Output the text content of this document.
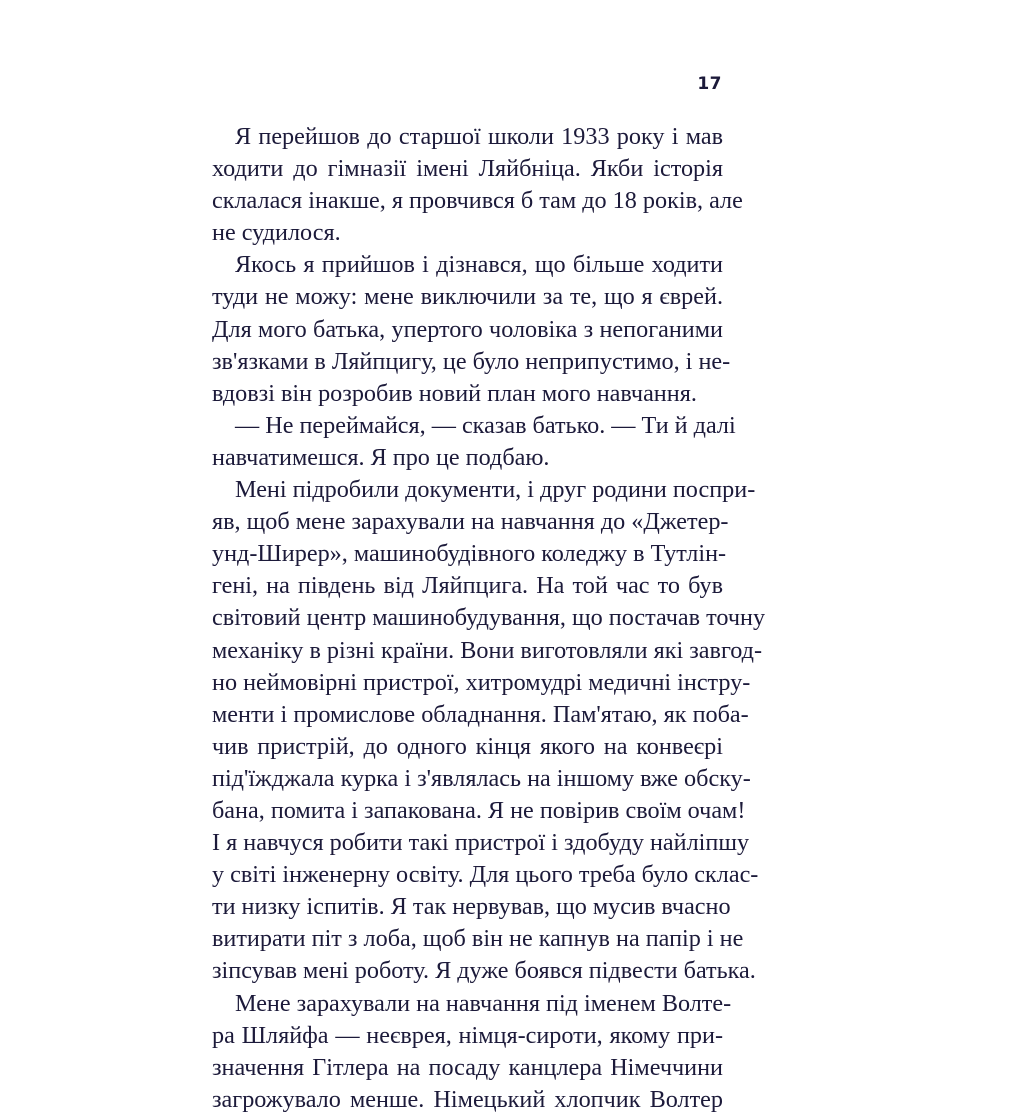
17
Я перейшов до старшої школи 1933 року і мав
ходити до гімназії імені Ляйбніца. Якби історія
склалася інакше, я провчився б там до 18 років, але
не судилося.
Якось я прийшов і дізнався, що більше ходити
туди не можу: мене виключили за те, що я єврей.
Для мого батька, упертого чоловіка з непоганими
зв'язками в Ляйпцигу, це було неприпустимо, і не-
вдовзі він розробив новий план мого навчання.
— Не переймайся, — сказав батько. — Ти й далі
навчатимешся. Я про це подбаю.
Мені підробили документи, і друг родини поспри-
яв, щоб мене зарахували на навчання до «Джетер-
унд-Ширер», машинобудівного коледжу в Тутлін-
гені, на південь від Ляйпцига. На той час то був
світовий центр машинобудування, що постачав точну
механіку в різні країни. Вони виготовляли які завгод-
но неймовірні пристрої, хитромудрі медичні інстру-
менти і промислове обладнання. Пам'ятаю, як поба-
чив пристрій, до одного кінця якого на конвеєрі
під'їжджала курка і з'являлась на іншому вже обску-
бана, помита і запакована. Я не повірив своїм очам!
І я навчуся робити такі пристрої і здобуду найліпшу
у світі інженерну освіту. Для цього треба було склас-
ти низку іспитів. Я так нервував, що мусив вчасно
витирати піт з лоба, щоб він не капнув на папір і не
зіпсував мені роботу. Я дуже боявся підвести батька.
Мене зарахували на навчання під іменем Волте-
ра Шляйфа — неєврея, німця-сироти, якому при-
значення Гітлера на посаду канцлера Німеччини
загрожувало менше. Німецький хлопчик Волтер
